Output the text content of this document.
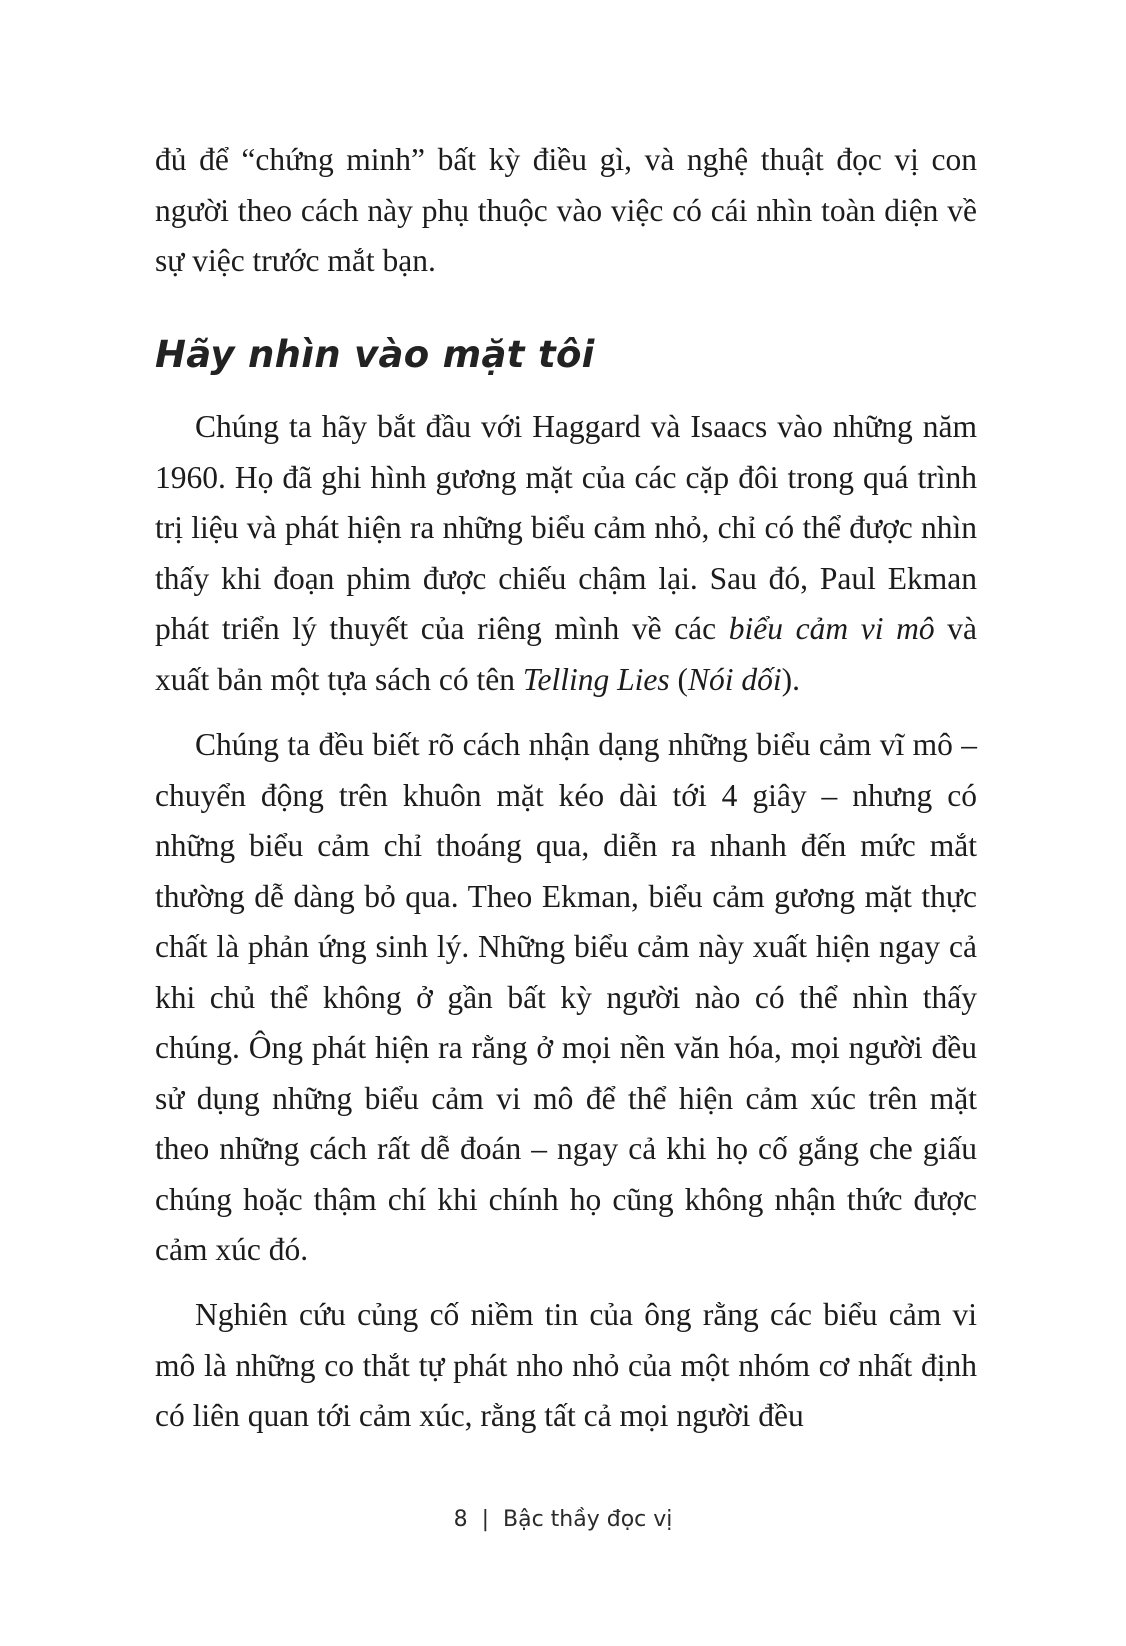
đủ để “chứng minh” bất kỳ điều gì, và nghệ thuật đọc vị con người theo cách này phụ thuộc vào việc có cái nhìn toàn diện về sự việc trước mắt bạn.

Hãy nhìn vào mặt tôi

Chúng ta hãy bắt đầu với Haggard và Isaacs vào những năm 1960. Họ đã ghi hình gương mặt của các cặp đôi trong quá trình trị liệu và phát hiện ra những biểu cảm nhỏ, chỉ có thể được nhìn thấy khi đoạn phim được chiếu chậm lại. Sau đó, Paul Ekman phát triển lý thuyết của riêng mình về các biểu cảm vi mô và xuất bản một tựa sách có tên Telling Lies (Nói dối).

Chúng ta đều biết rõ cách nhận dạng những biểu cảm vĩ mô – chuyển động trên khuôn mặt kéo dài tới 4 giây – nhưng có những biểu cảm chỉ thoáng qua, diễn ra nhanh đến mức mắt thường dễ dàng bỏ qua. Theo Ekman, biểu cảm gương mặt thực chất là phản ứng sinh lý. Những biểu cảm này xuất hiện ngay cả khi chủ thể không ở gần bất kỳ người nào có thể nhìn thấy chúng. Ông phát hiện ra rằng ở mọi nền văn hóa, mọi người đều sử dụng những biểu cảm vi mô để thể hiện cảm xúc trên mặt theo những cách rất dễ đoán – ngay cả khi họ cố gắng che giấu chúng hoặc thậm chí khi chính họ cũng không nhận thức được cảm xúc đó.

Nghiên cứu củng cố niềm tin của ông rằng các biểu cảm vi mô là những co thắt tự phát nho nhỏ của một nhóm cơ nhất định có liên quan tới cảm xúc, rằng tất cả mọi người đều

8 | Bậc thầy đọc vị
